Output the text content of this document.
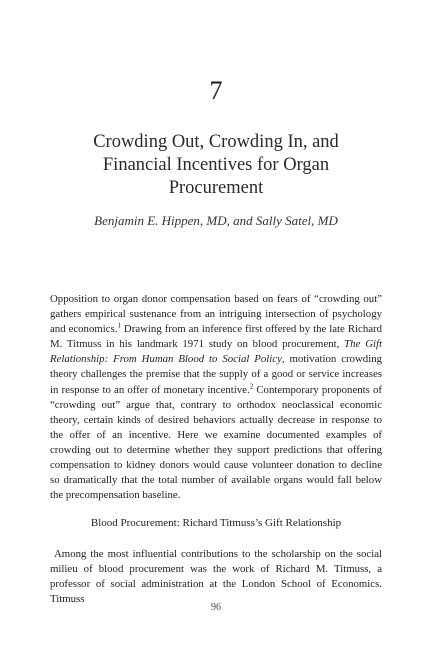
7
Crowding Out, Crowding In, and Financial Incentives for Organ Procurement
Benjamin E. Hippen, MD, and Sally Satel, MD

Opposition to organ donor compensation based on fears of “crowding out” gathers empirical sustenance from an intriguing intersection of psychology and economics.$^1$ Drawing from an inference first offered by the late Richard M. Titmuss in his landmark 1971 study on blood procurement, The Gift Relationship: From Human Blood to Social Policy, motivation crowding theory challenges the premise that the supply of a good or service increases in response to an offer of monetary incentive.$^2$ Contemporary proponents of “crowding out” argue that, contrary to orthodox neoclassical economic theory, certain kinds of desired behaviors actually decrease in response to the offer of an incentive. Here we examine documented examples of crowding out to determine whether they support predictions that offering compensation to kidney donors would cause volunteer donation to decline so dramatically that the total number of available organs would fall below the precompensation baseline.

Blood Procurement: Richard Titmuss’s Gift Relationship

Among the most influential contributions to the scholarship on the social milieu of blood procurement was the work of Richard M. Titmuss, a professor of social administration at the London School of Economics. Titmuss

96
